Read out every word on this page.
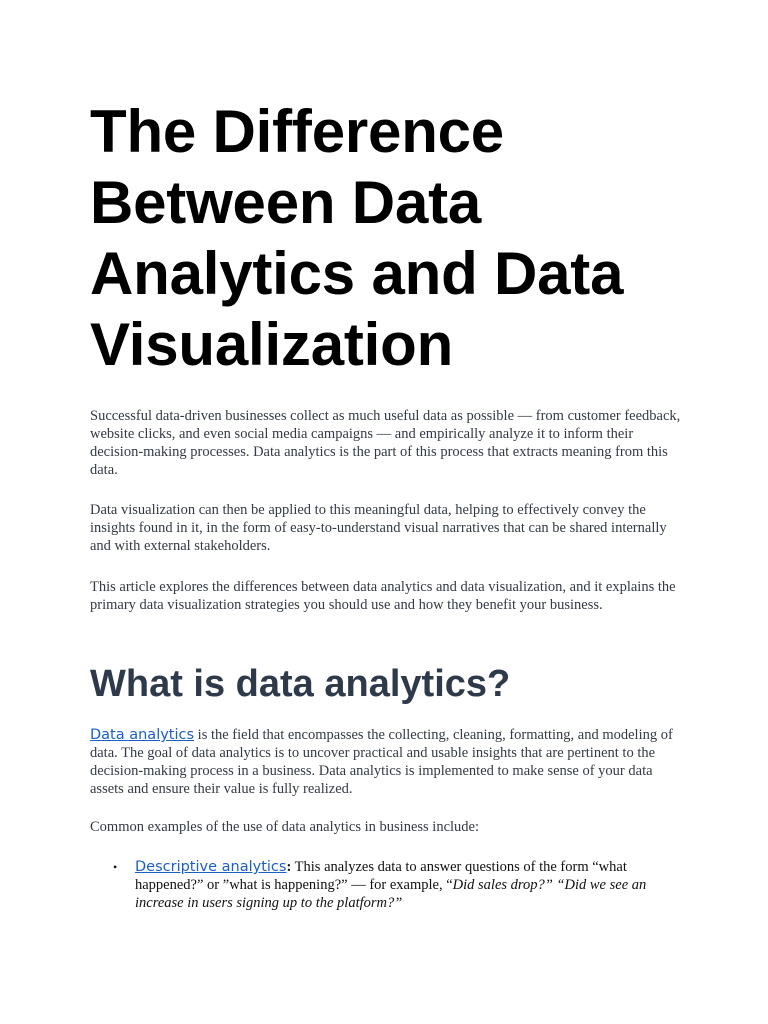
The Difference Between Data Analytics and Data Visualization

Successful data-driven businesses collect as much useful data as possible — from customer feedback, website clicks, and even social media campaigns — and empirically analyze it to inform their decision-making processes. Data analytics is the part of this process that extracts meaning from this data.

Data visualization can then be applied to this meaningful data, helping to effectively convey the insights found in it, in the form of easy-to-understand visual narratives that can be shared internally and with external stakeholders.

This article explores the differences between data analytics and data visualization, and it explains the primary data visualization strategies you should use and how they benefit your business.

What is data analytics?

Data analytics is the field that encompasses the collecting, cleaning, formatting, and modeling of data. The goal of data analytics is to uncover practical and usable insights that are pertinent to the decision-making process in a business. Data analytics is implemented to make sense of your data assets and ensure their value is fully realized.

Common examples of the use of data analytics in business include:

• Descriptive analytics: This analyzes data to answer questions of the form “what happened?” or ”what is happening?” — for example, “Did sales drop?” “Did we see an increase in users signing up to the platform?”
